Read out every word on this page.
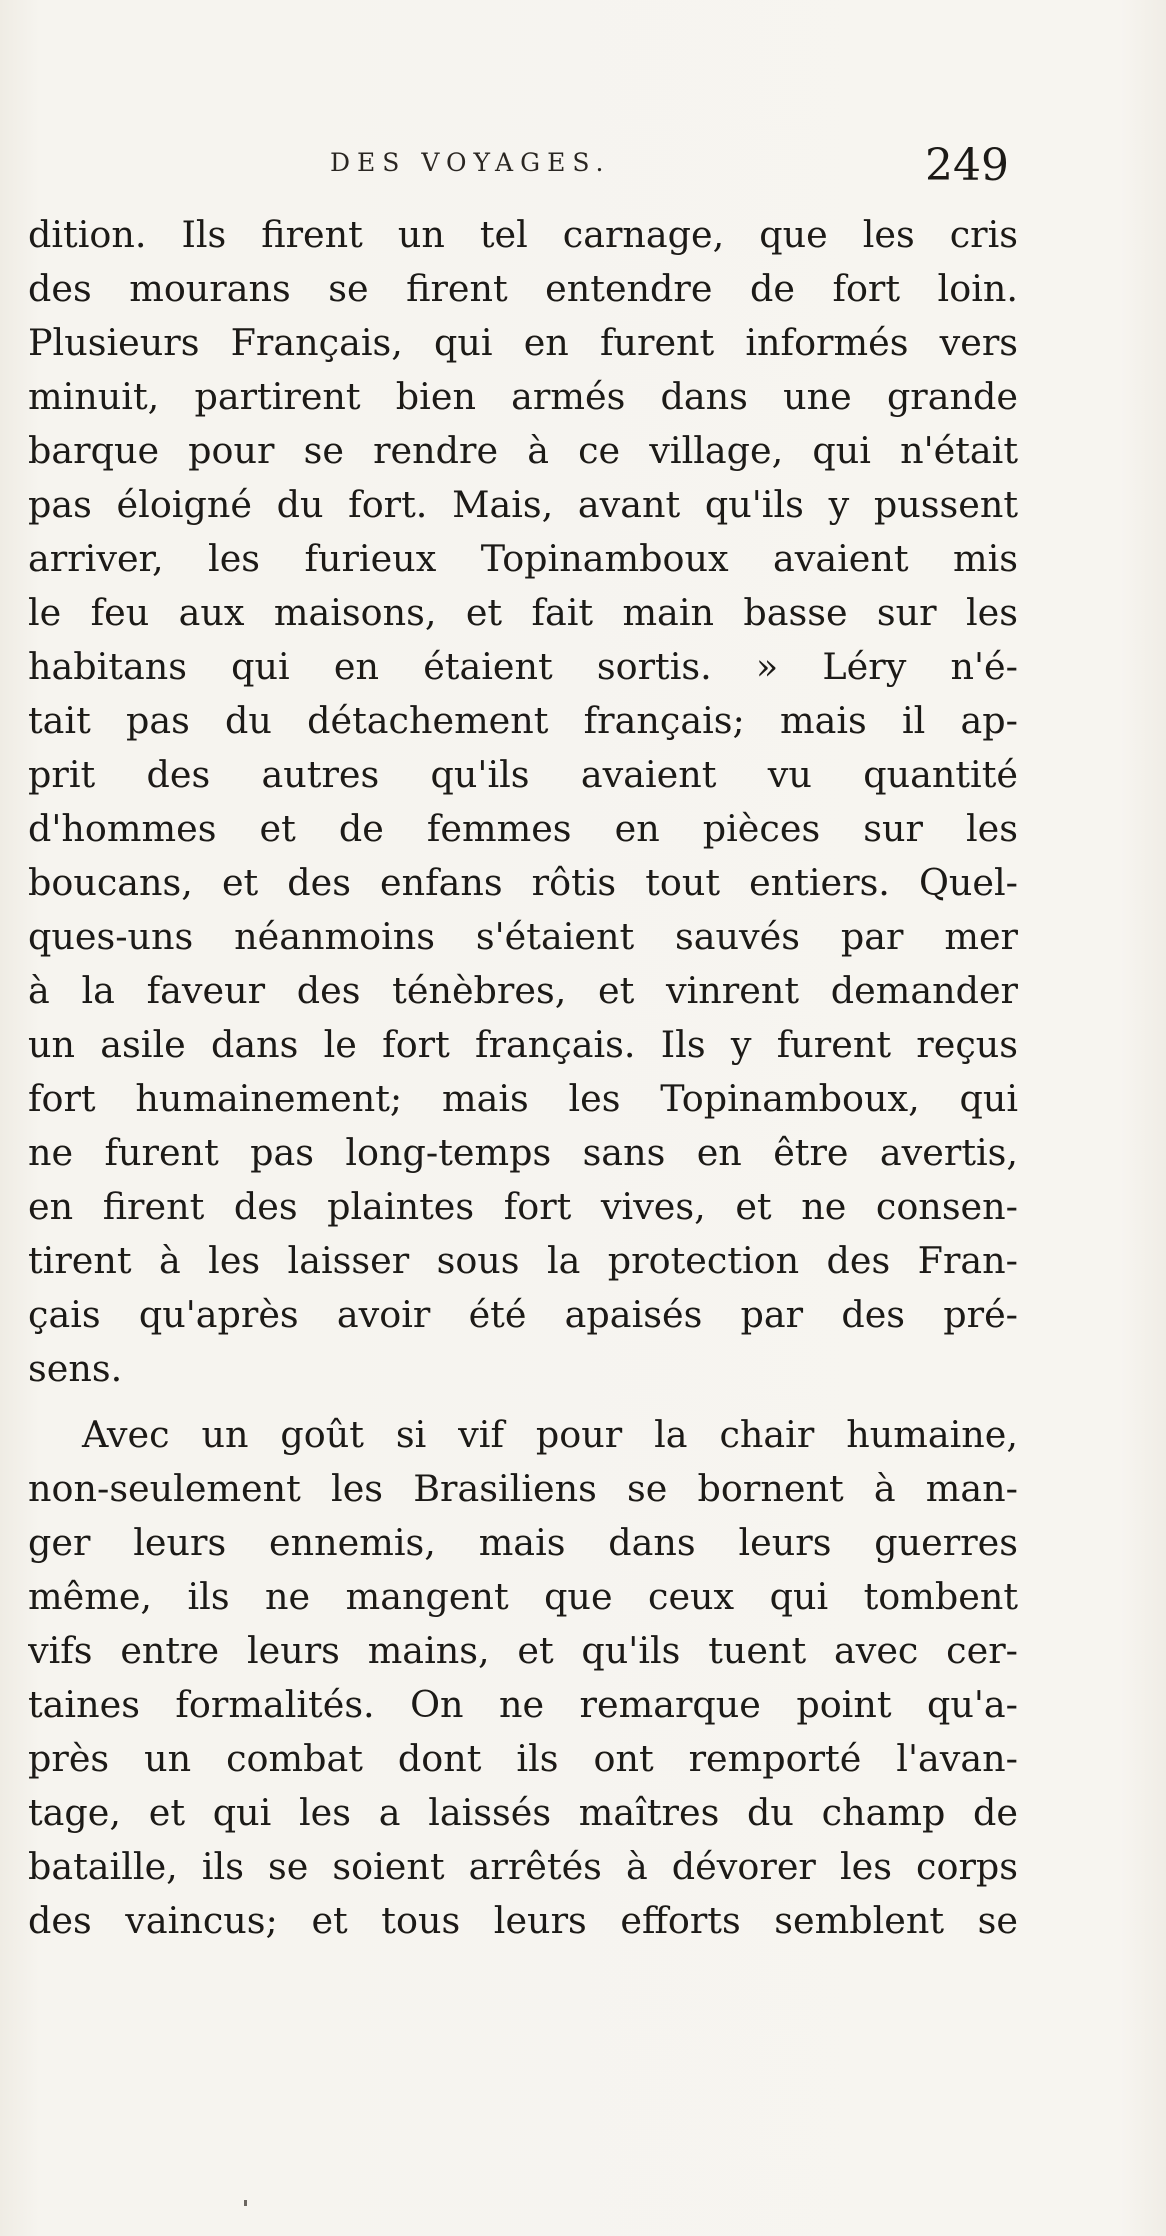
DES VOYAGES.	249
dition. Ils firent un tel carnage, que les cris
des mourans se firent entendre de fort loin.
Plusieurs Français, qui en furent informés vers
minuit, partirent bien armés dans une grande
barque pour se rendre à ce village, qui n'était
pas éloigné du fort. Mais, avant qu'ils y pussent
arriver, les furieux Topinamboux avaient mis
le feu aux maisons, et fait main basse sur les
habitans qui en étaient sortis. » Léry n'é-
tait pas du détachement français; mais il ap-
prit des autres qu'ils avaient vu quantité
d'hommes et de femmes en pièces sur les
boucans, et des enfans rôtis tout entiers. Quel-
ques-uns néanmoins s'étaient sauvés par mer
à la faveur des ténèbres, et vinrent demander
un asile dans le fort français. Ils y furent reçus
fort humainement; mais les Topinamboux, qui
ne furent pas long-temps sans en être avertis,
en firent des plaintes fort vives, et ne consen-
tirent à les laisser sous la protection des Fran-
çais qu'après avoir été apaisés par des pré-
sens.
Avec un goût si vif pour la chair humaine,
non-seulement les Brasiliens se bornent à man-
ger leurs ennemis, mais dans leurs guerres
même, ils ne mangent que ceux qui tombent
vifs entre leurs mains, et qu'ils tuent avec cer-
taines formalités. On ne remarque point qu'a-
près un combat dont ils ont remporté l'avan-
tage, et qui les a laissés maîtres du champ de
bataille, ils se soient arrêtés à dévorer les corps
des vaincus; et tous leurs efforts semblent se
